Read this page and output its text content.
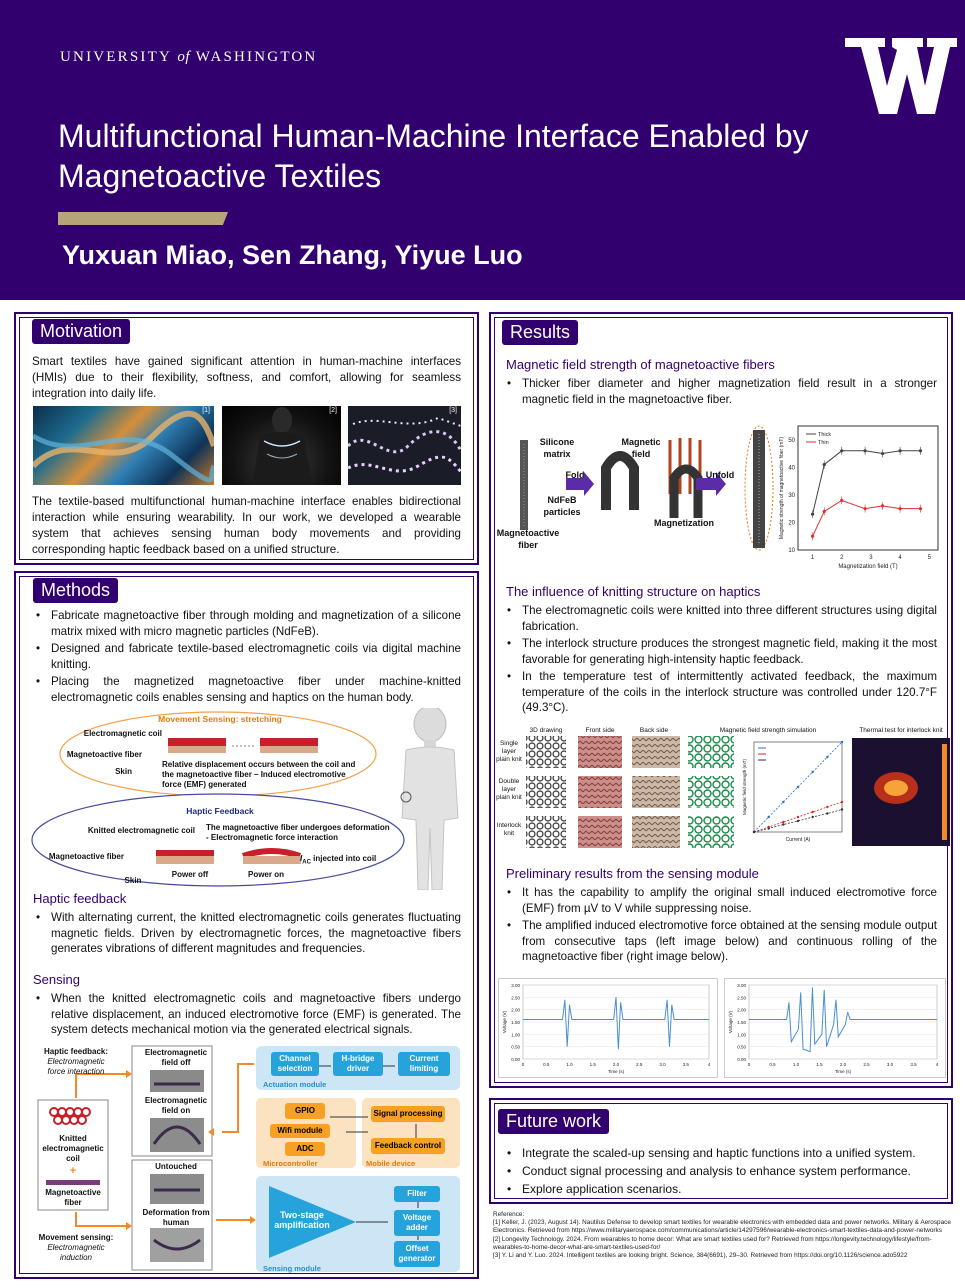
UNIVERSITY of WASHINGTON
Multifunctional Human-Machine Interface Enabled by Magnetoactive Textiles
Yuxuan Miao, Sen Zhang, Yiyue Luo
Motivation
Smart textiles have gained significant attention in human-machine interfaces (HMIs) due to their flexibility, softness, and comfort, allowing for seamless integration into daily life.
[1]	[2]	[3]
The textile-based multifunctional human-machine interface enables bidirectional interaction while ensuring wearability. In our work, we developed a wearable system that achieves sensing human body movements and providing corresponding haptic feedback based on a unified structure.
Methods
• Fabricate magnetoactive fiber through molding and magnetization of a silicone matrix mixed with micro magnetic particles (NdFeB).
• Designed and fabricate textile-based electromagnetic coils via digital machine knitting.
• Placing the magnetized magnetoactive fiber under machine-knitted electromagnetic coils enables sensing and haptics on the human body.
Movement Sensing: stretching
Electromagnetic coil
Magnetoactive fiber
Skin
Relative displacement occurs between the coil and the magnetoactive fiber – Induced electromotive force (EMF) generated
Haptic Feedback
Knitted electromagnetic coil The magnetoactive fiber undergoes deformation - Electromagnetic force interaction
Magnetoactive fiber	$I_{AC}$ injected into coil
Skin
Power off	Power on
Haptic feedback
• With alternating current, the knitted electromagnetic coils generates fluctuating magnetic fields. Driven by electromagnetic forces, the magnetoactive fibers generates vibrations of different magnitudes and frequencies.
Sensing
• When the knitted electromagnetic coils and magnetoactive fibers undergo relative displacement, an induced electromotive force (EMF) is generated. The system detects mechanical motion via the generated electrical signals.
Haptic feedback:
Electromagnetic force interaction
Electromagnetic field off
Electromagnetic field on
Knitted electromagnetic coil
+
Magnetoactive fiber
Untouched
Deformation from human
Movement sensing:
Electromagnetic induction
Channel selection
H-bridge driver
Current limiting
Actuation module
GPIO
Wifi module
ADC
Microcontroller
Signal processing
Feedback control
Mobile device
Two-stage amplification
Filter
Voltage adder
Offset generator
Sensing module
Results
Magnetic field strength of magnetoactive fibers
• Thicker fiber diameter and higher magnetization field result in a stronger magnetic field in the magnetoactive fiber.
Silicone matrix
Fold
NdFeB particles
Magnetic field
Unfold
Magnetization
Magnetoactive fiber
1	2	3	4	5
10
20
30
40
50
Magnetization field (T)
Magnetic strength of magnetoactive fiber (mT)
Thick
Thin
The influence of knitting structure on haptics
• The electromagnetic coils were knitted into three different structures using digital fabrication.
• The interlock structure produces the strongest magnetic field, making it the most favorable for generating high-intensity haptic feedback.
• In the temperature test of intermittently activated feedback, the maximum temperature of the coils in the interlock structure was controlled under 120.7°F (49.3°C).
3D drawing	Front side	Back side	Magnetic field strength simulation	Thermal test for interlock knit
Single layer plain knit
Double layer plain knit
Interlock knit
Current (A)
Magnetic field strength (mT)
Preliminary results from the sensing module
• It has the capability to amplify the original small induced electromotive force (EMF) from µV to V while suppressing noise.
• The amplified induced electromotive force obtained at the sensing module output from consecutive taps (left image below) and continuous rolling of the magnetoactive fiber (right image below).
0.00
0.50
1.00
1.50
2.00
2.50
3.00
0	0.5	1.0	1.5	2.0	2.5	3.0	3.5	4
Time (s)
Voltage (V)
0.00
0.50
1.00
1.50
2.00
2.50
3.00
0	0.5	1.0	1.5	2.0	2.5	3.0	3.5	4
Time (s)
Voltage (V)
Future work
• Integrate the scaled-up sensing and haptic functions into a unified system.
• Conduct signal processing and analysis to enhance system performance.
• Explore application scenarios.
Reference:
[1] Keller, J. (2023, August 14). Nautilus Defense to develop smart textiles for wearable electronics with embedded data and power networks. Military & Aerospace Electronics. Retrieved from https://www.militaryaerospace.com/communications/article/14297596/wearable-electronics-smart-textiles-data-and-power-networks
[2] Longevity Technology. 2024. From wearables to home decor: What are smart textiles used for? Retrieved from https://longevity.technology/lifestyle/from-wearables-to-home-decor-what-are-smart-textiles-used-for/
[3] Y. Li and Y. Luo. 2024. Intelligent textiles are looking bright. Science, 384(6691), 29–30. Retrieved from https://doi.org/10.1126/science.ado5922
